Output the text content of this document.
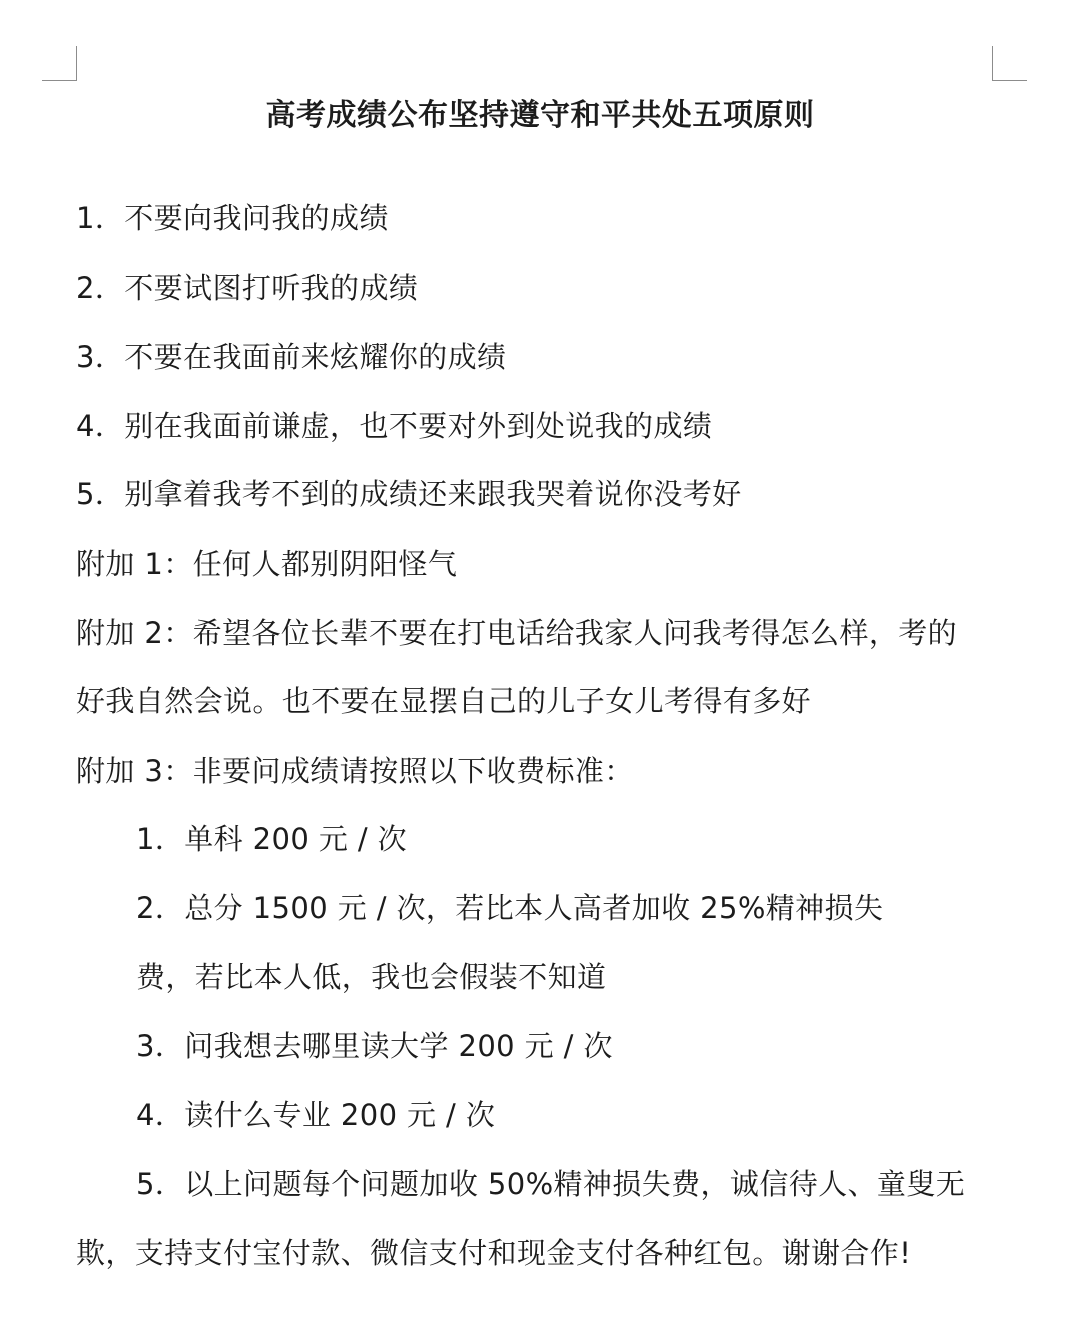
高考成绩公布坚持遵守和平共处五项原则
1．不要向我问我的成绩
2．不要试图打听我的成绩
3．不要在我面前来炫耀你的成绩
4．别在我面前谦虚，也不要对外到处说我的成绩
5．别拿着我考不到的成绩还来跟我哭着说你没考好
附加 1：任何人都别阴阳怪气
附加 2：希望各位长辈不要在打电话给我家人问我考得怎么样，考的
好我自然会说。也不要在显摆自己的儿子女儿考得有多好
附加 3：非要问成绩请按照以下收费标准：
1．单科 200 元 / 次
2．总分 1500 元 / 次，若比本人高者加收 25%精神损失
费，若比本人低，我也会假装不知道
3．问我想去哪里读大学 200 元 / 次
4．读什么专业 200 元 / 次
5．以上问题每个问题加收 50%精神损失费，诚信待人、童叟无
欺，支持支付宝付款、微信支付和现金支付各种红包。谢谢合作!
